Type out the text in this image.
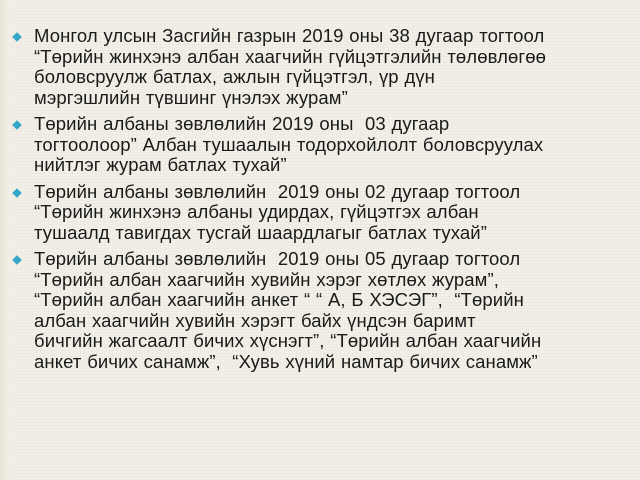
Монгол улсын Засгийн газрын 2019 оны 38 дугаар тогтоол
“Төрийн жинхэнэ албан хаагчийн гүйцэтгэлийн төлөвлөгөө
боловсруулж батлах, ажлын гүйцэтгэл, үр дүн
мэргэшлийн түвшинг үнэлэх журам”
Төрийн албаны зөвлөлийн 2019 оны  03 дугаар
тогтоолоор” Албан тушаалын тодорхойлолт боловсруулах
нийтлэг журам батлах тухай”
Төрийн албаны зөвлөлийн  2019 оны 02 дугаар тогтоол
“Төрийн жинхэнэ албаны удирдах, гүйцэтгэх албан
тушаалд тавигдах тусгай шаардлагыг батлах тухай”
Төрийн албаны зөвлөлийн  2019 оны 05 дугаар тогтоол
“Төрийн албан хаагчийн хувийн хэрэг хөтлөх журам”,
“Төрийн албан хаагчийн анкет “ “ А, Б ХЭСЭГ”,  “Төрийн
албан хаагчийн хувийн хэрэгт байх үндсэн баримт
бичгийн жагсаалт бичих хүснэгт”, “Төрийн албан хаагчийн
анкет бичих санамж”,  “Хувь хүний намтар бичих санамж”
